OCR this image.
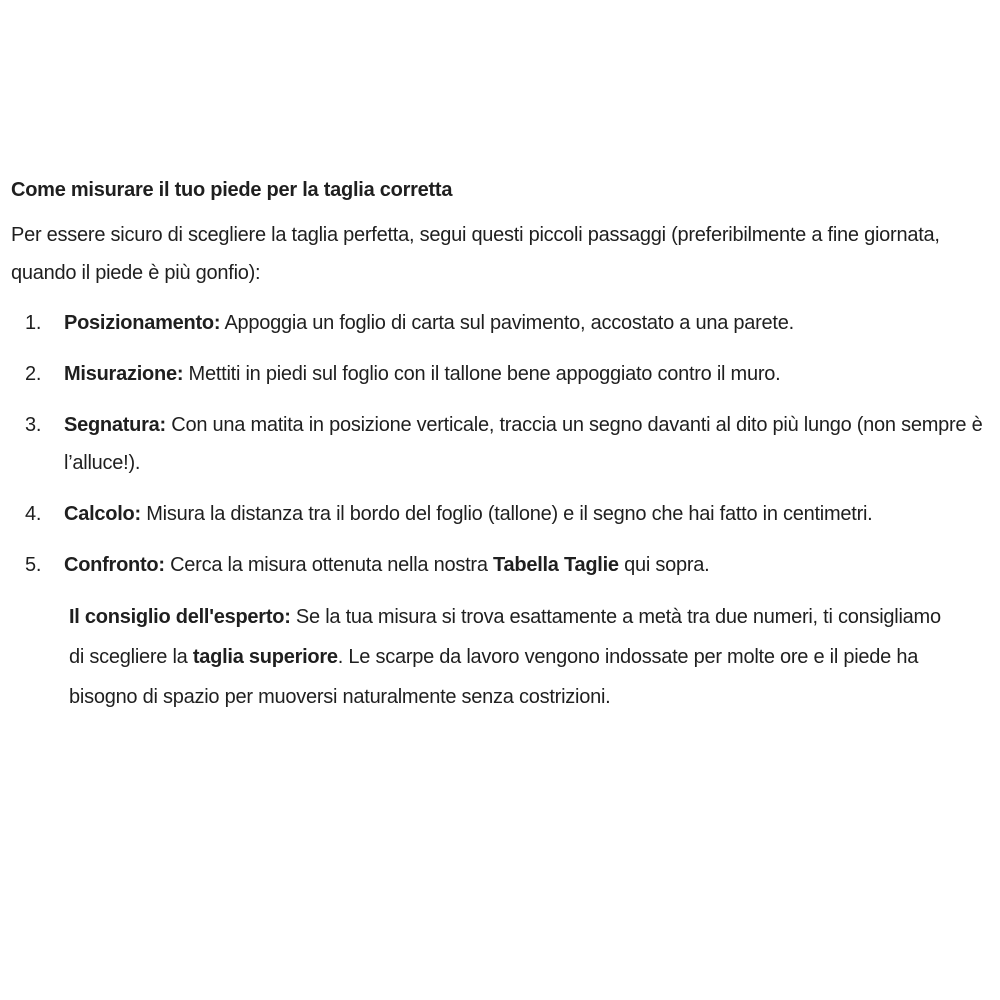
Come misurare il tuo piede per la taglia corretta

Per essere sicuro di scegliere la taglia perfetta, segui questi piccoli passaggi (preferibilmente a fine giornata, quando il piede è più gonfio):

1.	Posizionamento: Appoggia un foglio di carta sul pavimento, accostato a una parete.
2.	Misurazione: Mettiti in piedi sul foglio con il tallone bene appoggiato contro il muro.
3.	Segnatura: Con una matita in posizione verticale, traccia un segno davanti al dito più lungo (non sempre è l’alluce!).
4.	Calcolo: Misura la distanza tra il bordo del foglio (tallone) e il segno che hai fatto in centimetri.
5.	Confronto: Cerca la misura ottenuta nella nostra Tabella Taglie qui sopra.

Il consiglio dell'esperto: Se la tua misura si trova esattamente a metà tra due numeri, ti consigliamo di scegliere la taglia superiore. Le scarpe da lavoro vengono indossate per molte ore e il piede ha bisogno di spazio per muoversi naturalmente senza costrizioni.
